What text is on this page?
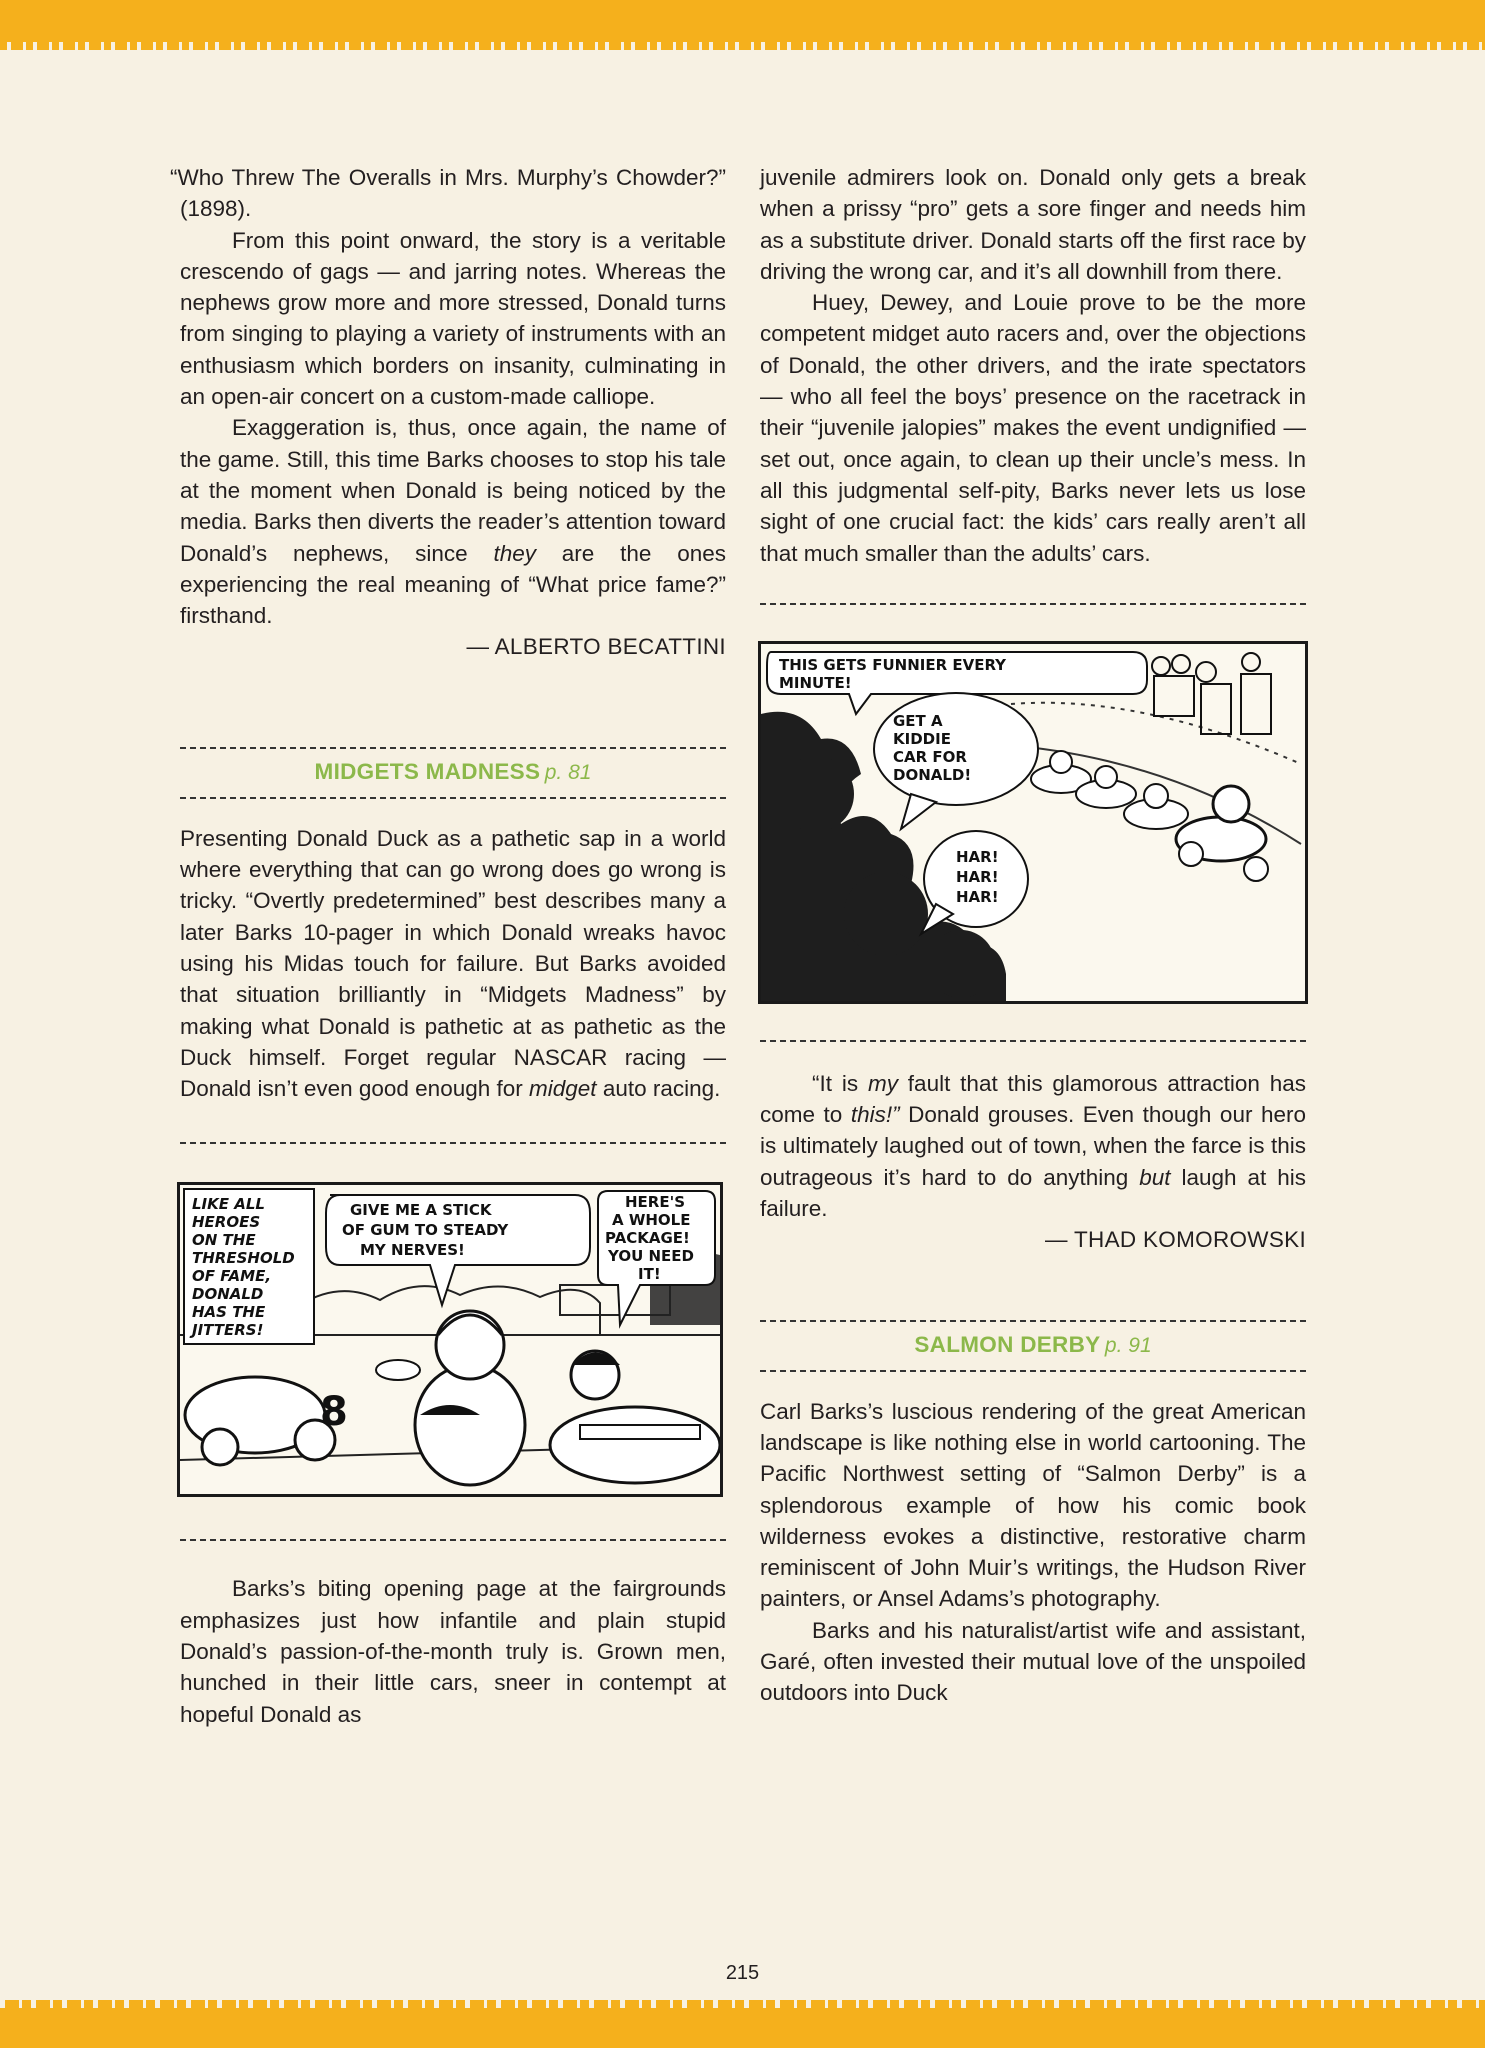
“Who Threw The Overalls in Mrs. Murphy’s Chowder?” (1898).

From this point onward, the story is a veritable crescendo of gags — and jarring notes. Whereas the nephews grow more and more stressed, Donald turns from singing to playing a variety of instruments with an enthusiasm which borders on insanity, culminating in an open-air concert on a custom-made calliope.

Exaggeration is, thus, once again, the name of the game. Still, this time Barks chooses to stop his tale at the moment when Donald is being noticed by the media. Barks then diverts the reader’s attention toward Donald’s nephews, since they are the ones experiencing the real meaning of “What price fame?” firsthand.

— ALBERTO BECATTINI
MIDGETS MADNESS p. 81

Presenting Donald Duck as a pathetic sap in a world where everything that can go wrong does go wrong is tricky. “Overtly predetermined” best describes many a later Barks 10-pager in which Donald wreaks havoc using his Midas touch for failure. But Barks avoided that situation brilliantly in “Midgets Madness” by making what Donald is pathetic at as pathetic as the Duck himself. Forget regular NASCAR racing — Donald isn’t even good enough for midget auto racing.

8
LIKE ALL
HEROES
ON THE
THRESHOLD
OF FAME,
DONALD
HAS THE
JITTERS!
GIVE ME A STICK
OF GUM TO STEADY
MY NERVES!
HERE'S
A WHOLE
PACKAGE!
YOU NEED
IT!

Barks’s biting opening page at the fairgrounds emphasizes just how infantile and plain stupid Donald’s passion-of-the-month truly is. Grown men, hunched in their little cars, sneer in contempt at hopeful Donald as

juvenile admirers look on. Donald only gets a break when a prissy “pro” gets a sore finger and needs him as a substitute driver. Donald starts off the first race by driving the wrong car, and it’s all downhill from there.

Huey, Dewey, and Louie prove to be the more competent midget auto racers and, over the objections of Donald, the other drivers, and the irate spectators — who all feel the boys’ presence on the racetrack in their “juvenile jalopies” makes the event undignified — set out, once again, to clean up their uncle’s mess. In all this judgmental self-pity, Barks never lets us lose sight of one crucial fact: the kids’ cars really aren’t all that much smaller than the adults’ cars.

THIS GETS FUNNIER EVERY
MINUTE!
GET A
KIDDIE
CAR FOR
DONALD!
HAR!
HAR!
HAR!

“It is my fault that this glamorous attraction has come to this!” Donald grouses. Even though our hero is ultimately laughed out of town, when the farce is this outrageous it’s hard to do anything but laugh at his failure.

— THAD KOMOROWSKI
SALMON DERBY p. 91

Carl Barks’s luscious rendering of the great American landscape is like nothing else in world cartooning. The Pacific Northwest setting of “Salmon Derby” is a splendorous example of how his comic book wilderness evokes a distinctive, restorative charm reminiscent of John Muir’s writings, the Hudson River painters, or Ansel Adams’s photography.

Barks and his naturalist/artist wife and assistant, Garé, often invested their mutual love of the unspoiled outdoors into Duck

215
